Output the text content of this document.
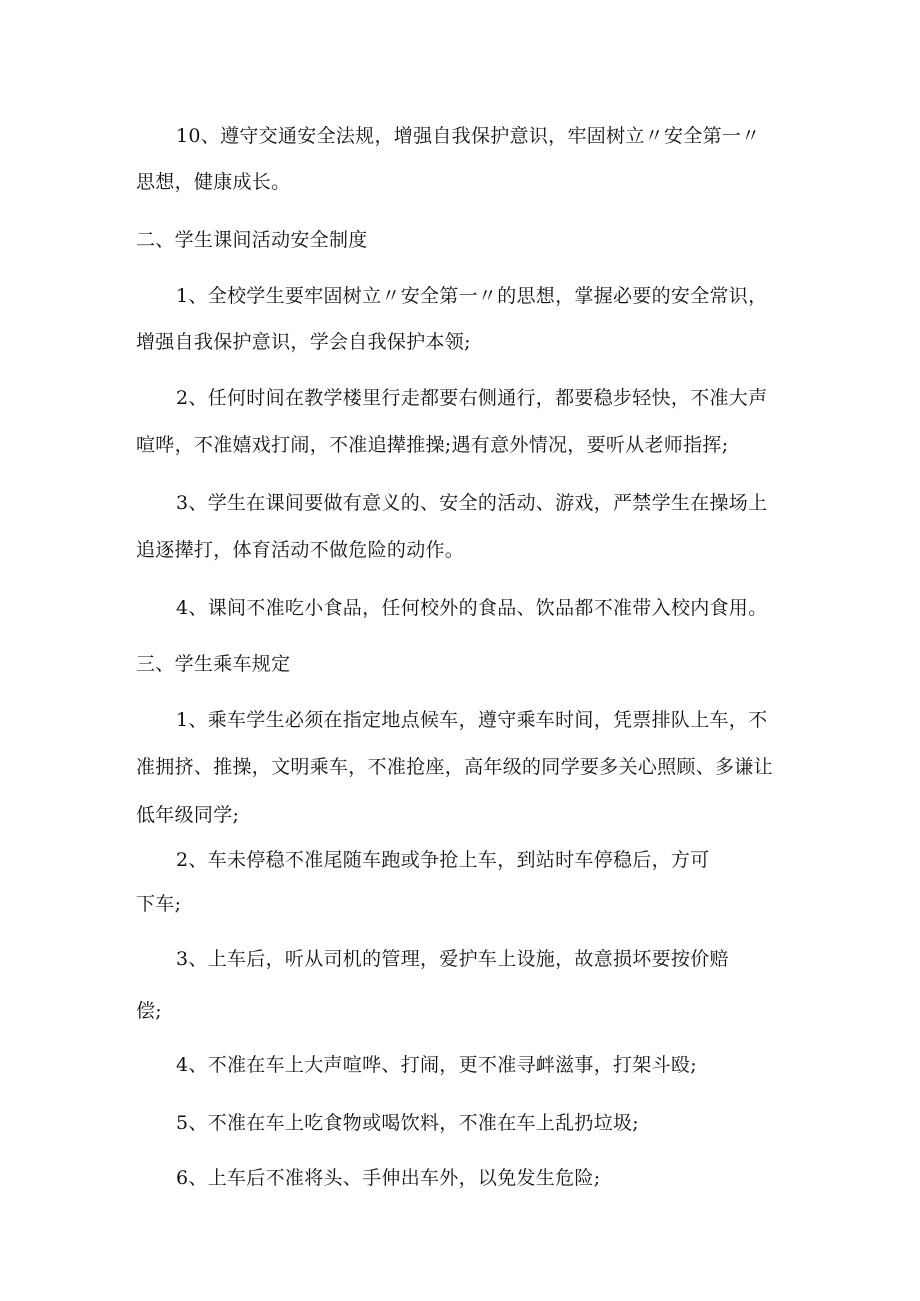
10、遵守交通安全法规，增强自我保护意识，牢固树立〃安全第一〃
思想，健康成长。
二、学生课间活动安全制度
1、全校学生要牢固树立〃安全第一〃的思想，掌握必要的安全常识，
增强自我保护意识，学会自我保护本领;
2、任何时间在教学楼里行走都要右侧通行，都要稳步轻快，不准大声
喧哗，不准嬉戏打闹，不准追撵推操;遇有意外情况，要听从老师指挥;
3、学生在课间要做有意义的、安全的活动、游戏，严禁学生在操场上
追逐撵打，体育活动不做危险的动作。
4、课间不准吃小食品，任何校外的食品、饮品都不准带入校内食用。
三、学生乘车规定
1、乘车学生必须在指定地点候车，遵守乘车时间，凭票排队上车，不
准拥挤、推操，文明乘车，不准抢座，高年级的同学要多关心照顾、多谦让
低年级同学;
2、车未停稳不准尾随车跑或争抢上车，到站时车停稳后，方可
下车;
3、上车后，听从司机的管理，爱护车上设施，故意损坏要按价赔
偿;
4、不准在车上大声喧哗、打闹，更不准寻衅滋事，打架斗殴;
5、不准在车上吃食物或喝饮料，不准在车上乱扔垃圾;
6、上车后不准将头、手伸出车外，以免发生危险;
